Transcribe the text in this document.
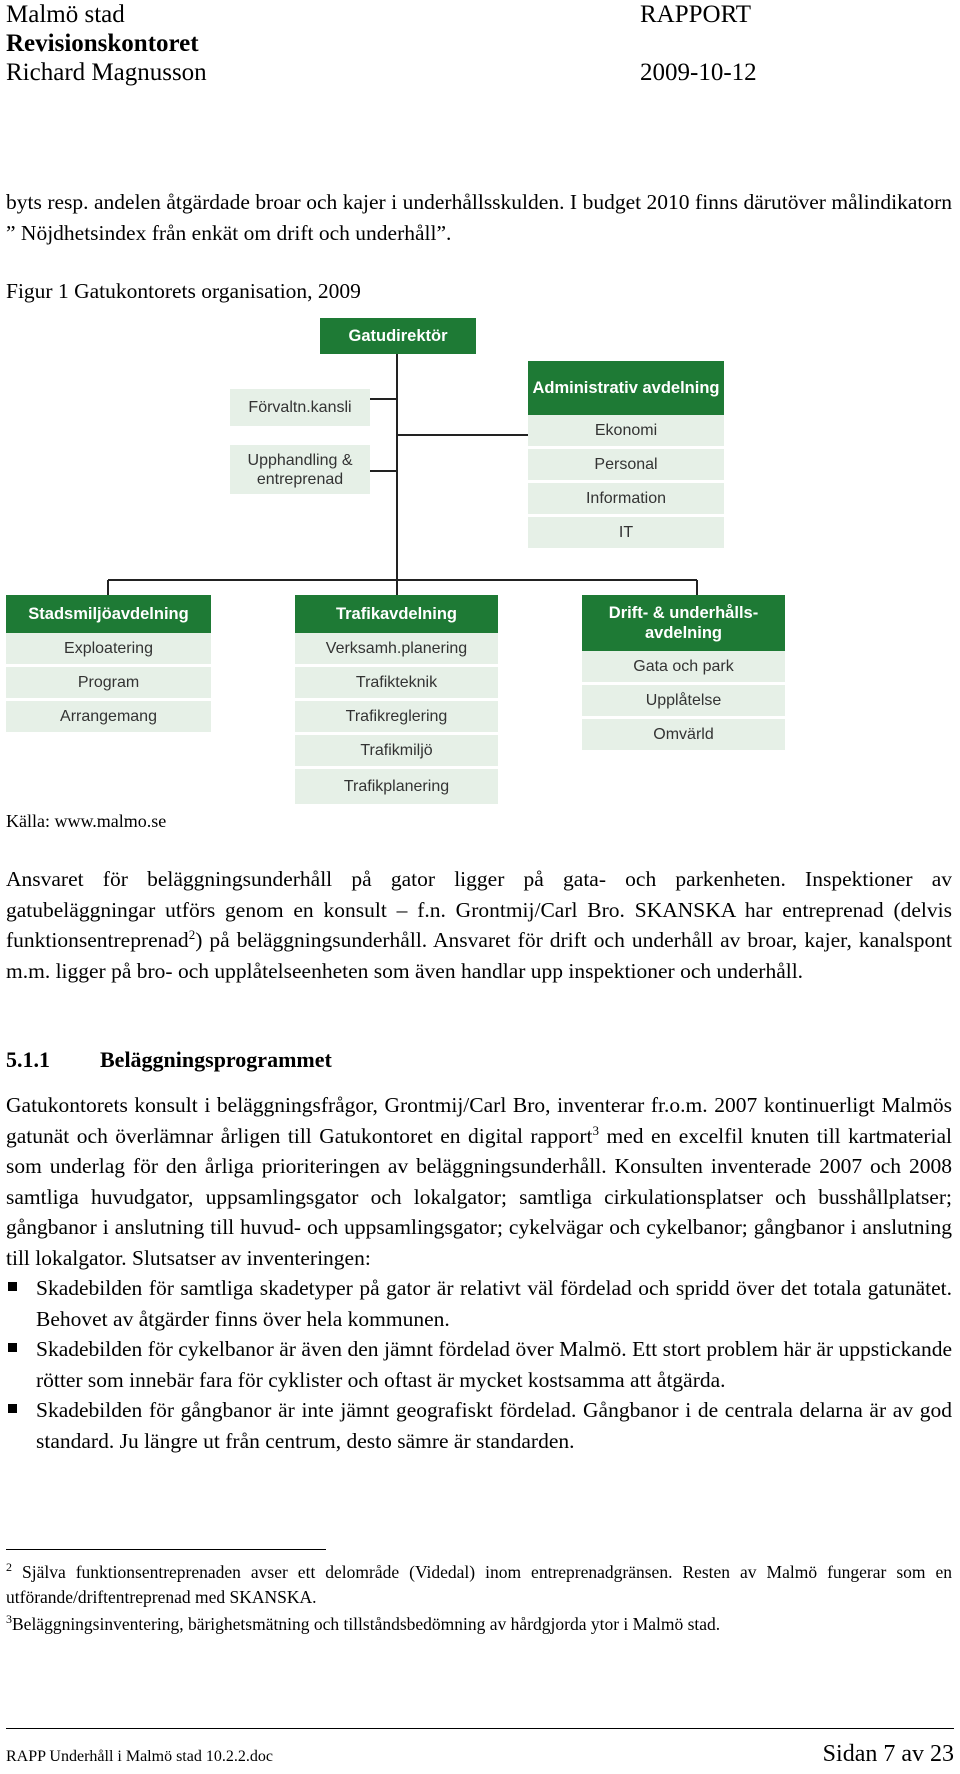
Malmö stad
Revisionskontoret
Richard Magnusson
RAPPORT
2009-10-12
byts resp. andelen åtgärdade broar och kajer i underhållsskulden. I budget 2010 finns därutöver målindikatorn ” Nöjdhetsindex från enkät om drift och underhåll”.
Figur 1 Gatukontorets organisation, 2009
Gatudirektör
Förvaltn.kansli
Upphandling & entreprenad
Administrativ avdelning
Ekonomi
Personal
Information
IT
Stadsmiljöavdelning
Exploatering
Program
Arrangemang
Trafikavdelning
Verksamh.planering
Trafikteknik
Trafikreglering
Trafikmiljö
Trafikplanering
Drift- & underhålls-avdelning
Gata och park
Upplåtelse
Omvärld
Källa: www.malmo.se
Ansvaret för beläggningsunderhåll på gator ligger på gata- och parkenheten. Inspektioner av gatubeläggningar utförs genom en konsult – f.n. Grontmij/Carl Bro. SKANSKA har entreprenad (delvis funktionsentreprenad$^2$) på beläggningsunderhåll. Ansvaret för drift och underhåll av broar, kajer, kanalspont m.m. ligger på bro- och upplåtelseenheten som även handlar upp inspektioner och underhåll.
5.1.1 Beläggningsprogrammet
Gatukontorets konsult i beläggningsfrågor, Grontmij/Carl Bro, inventerar fr.o.m. 2007 kontinuerligt Malmös gatunät och överlämnar årligen till Gatukontoret en digital rapport$^3$ med en excelfil knuten till kartmaterial som underlag för den årliga prioriteringen av beläggningsunderhåll. Konsulten inventerade 2007 och 2008 samtliga huvudgator, uppsamlingsgator och lokalgator; samtliga cirkulationsplatser och busshållplatser; gångbanor i anslutning till huvud- och uppsamlingsgator; cykelvägar och cykelbanor; gångbanor i anslutning till lokalgator. Slutsatser av inventeringen:
Skadebilden för samtliga skadetyper på gator är relativt väl fördelad och spridd över det totala gatunätet. Behovet av åtgärder finns över hela kommunen.
Skadebilden för cykelbanor är även den jämnt fördelad över Malmö. Ett stort problem här är uppstickande rötter som innebär fara för cyklister och oftast är mycket kostsamma att åtgärda.
Skadebilden för gångbanor är inte jämnt geografiskt fördelad. Gångbanor i de centrala delarna är av god standard. Ju längre ut från centrum, desto sämre är standarden.
$^2$ Själva funktionsentreprenaden avser ett delområde (Videdal) inom entreprenadgränsen. Resten av Malmö fungerar som en utförande/driftentreprenad med SKANSKA.
$^3$Beläggningsinventering, bärighetsmätning och tillståndsbedömning av hårdgjorda ytor i Malmö stad.
RAPP Underhåll i Malmö stad 10.2.2.doc	Sidan 7 av 23
